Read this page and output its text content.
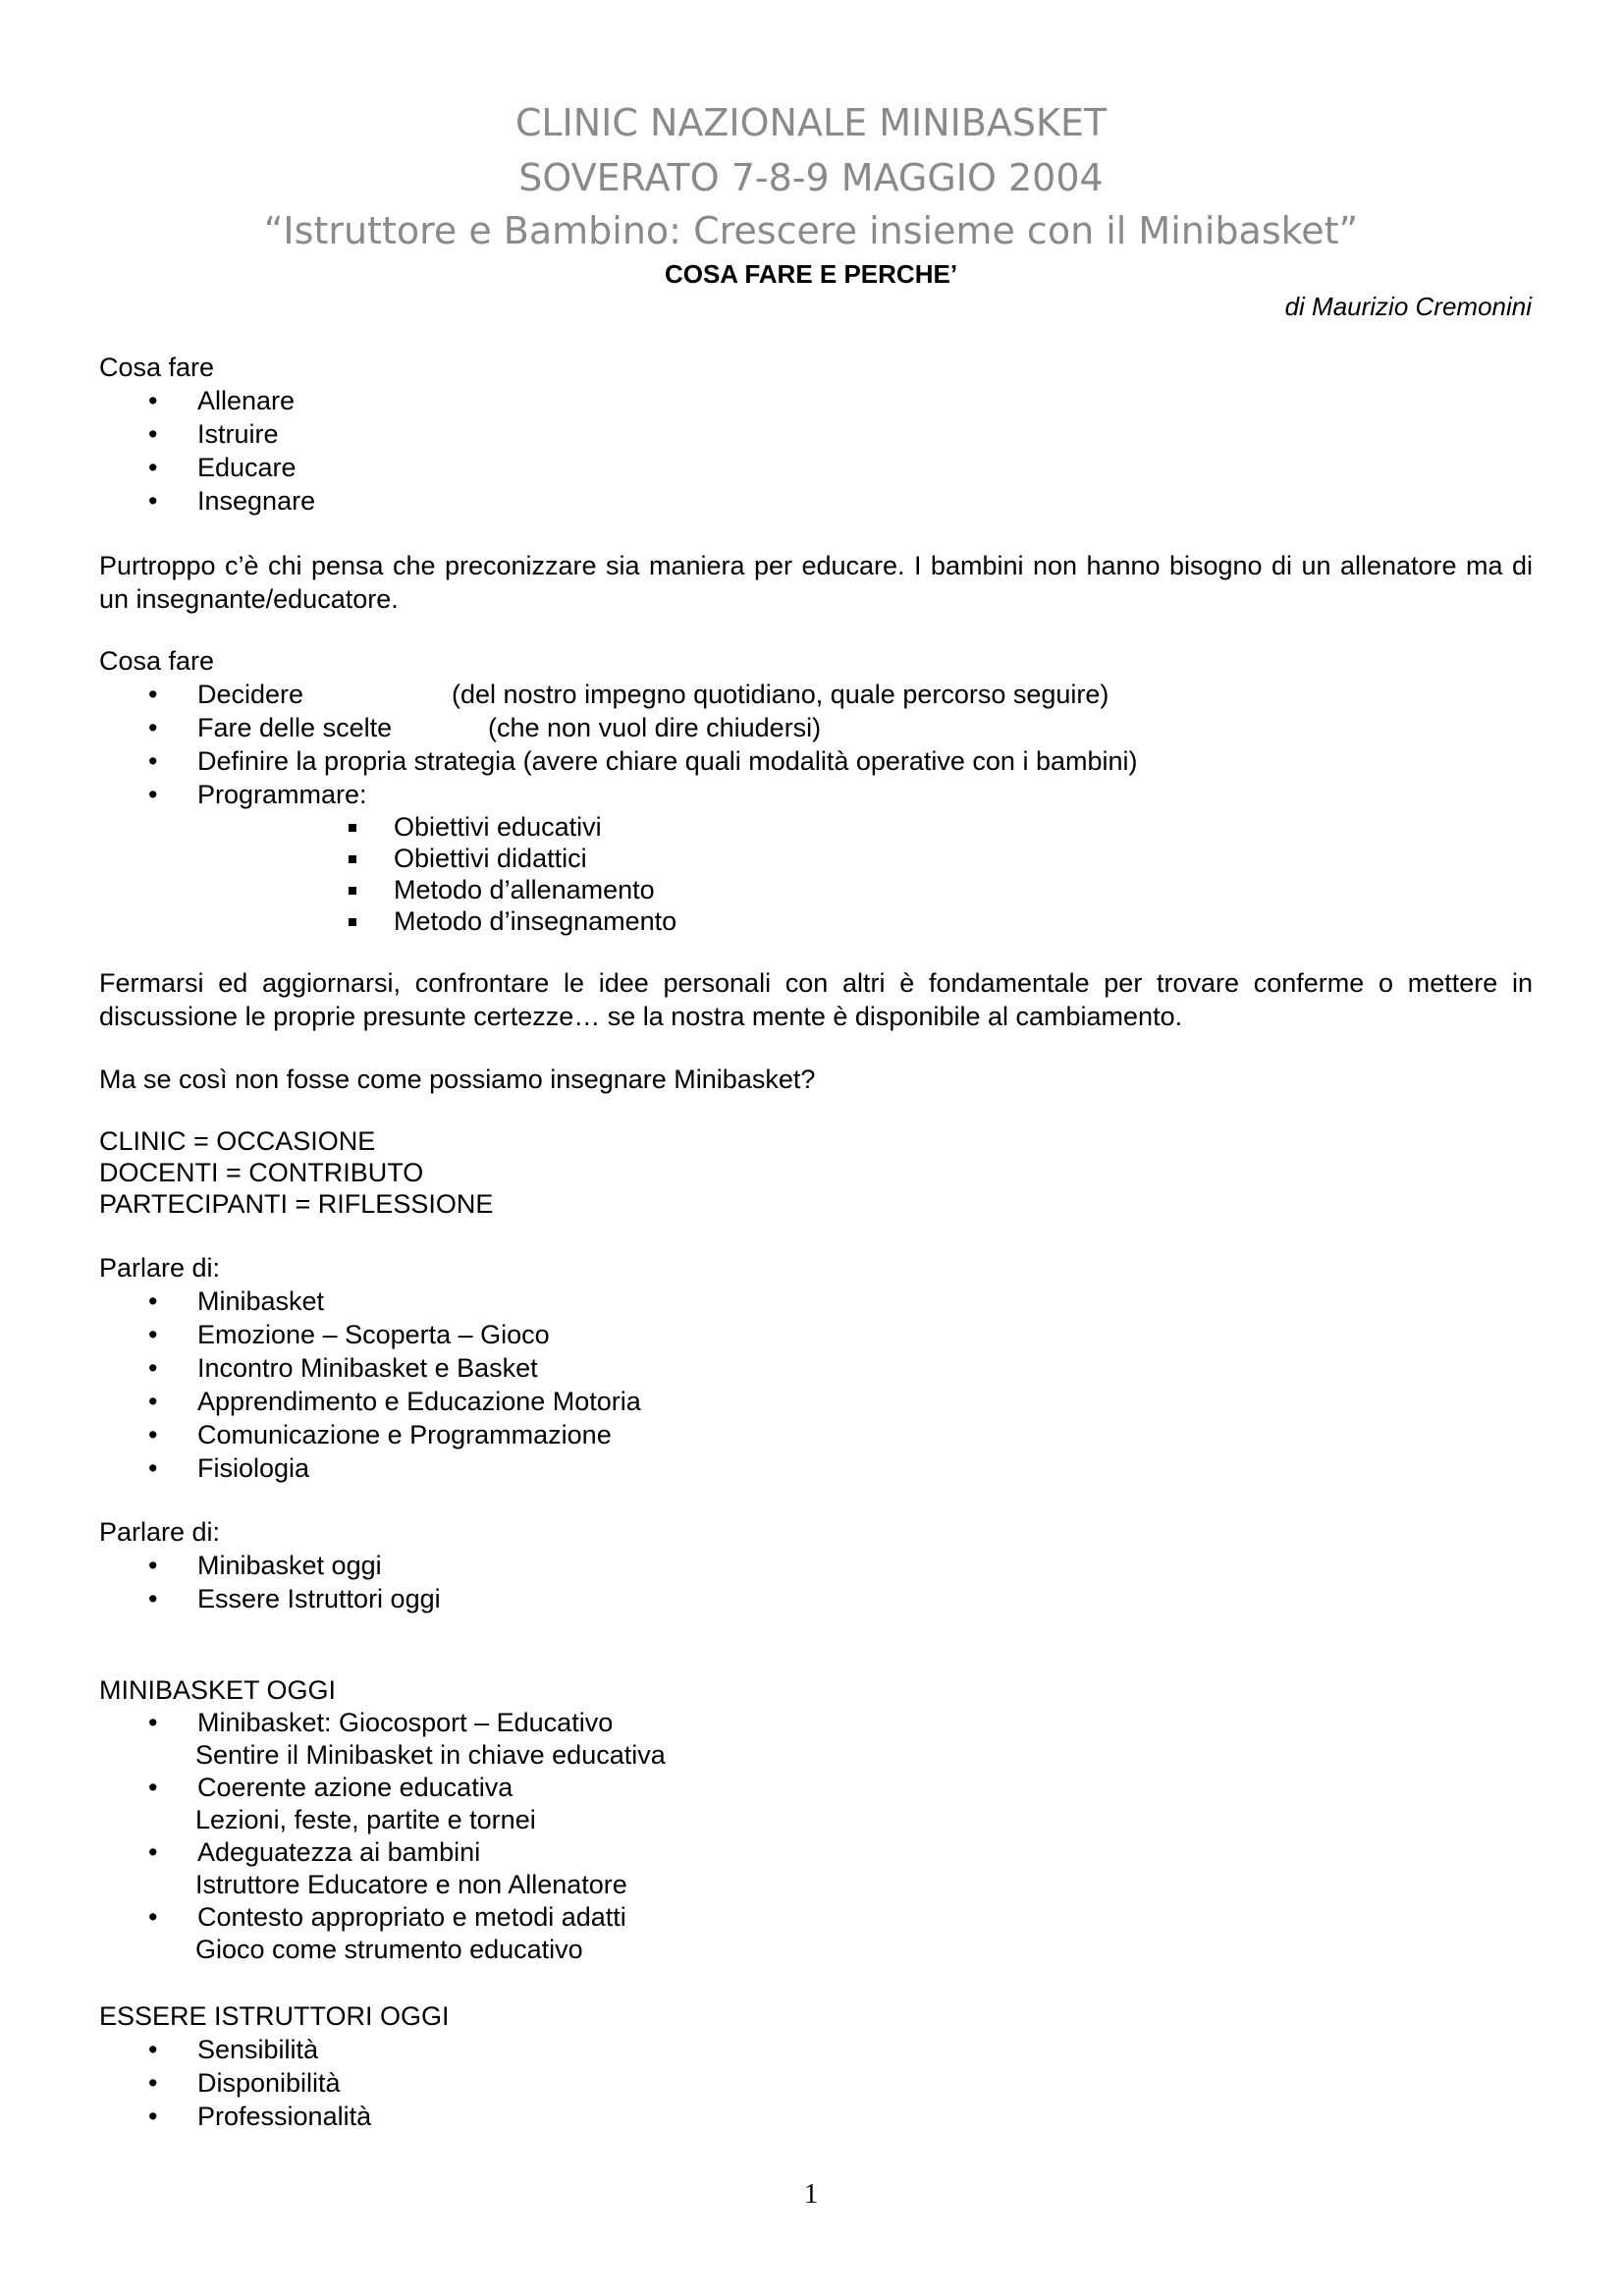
CLINIC NAZIONALE MINIBASKET
SOVERATO 7-8-9 MAGGIO 2004
“Istruttore e Bambino: Crescere insieme con il Minibasket”
COSA FARE E PERCHE’
di Maurizio Cremonini

Cosa fare

• Allenare
• Istruire
• Educare
• Insegnare

Purtroppo c’è chi pensa che preconizzare sia maniera per educare. I bambini non hanno bisogno di un allenatore ma di un insegnante/educatore.

Cosa fare

• Decidere	(del nostro impegno quotidiano, quale percorso seguire)
• Fare delle scelte	(che non vuol dire chiudersi)
• Definire la propria strategia (avere chiare quali modalità operative con i bambini)
• Programmare:
Obiettivi educativi
Obiettivi didattici
Metodo d’allenamento
Metodo d’insegnamento

Fermarsi ed aggiornarsi, confrontare le idee personali con altri è fondamentale per trovare conferme o mettere in discussione le proprie presunte certezze… se la nostra mente è disponibile al cambiamento.

Ma se così non fosse come possiamo insegnare Minibasket?

CLINIC = OCCASIONE

DOCENTI = CONTRIBUTO

PARTECIPANTI = RIFLESSIONE

Parlare di:

• Minibasket
• Emozione – Scoperta – Gioco
• Incontro Minibasket e Basket
• Apprendimento e Educazione Motoria
• Comunicazione e Programmazione
• Fisiologia

Parlare di:

• Minibasket oggi
• Essere Istruttori oggi

MINIBASKET OGGI

• Minibasket: Giocosport – Educativo
Sentire il Minibasket in chiave educativa
• Coerente azione educativa
Lezioni, feste, partite e tornei
• Adeguatezza ai bambini
Istruttore Educatore e non Allenatore
• Contesto appropriato e metodi adatti
Gioco come strumento educativo

ESSERE ISTRUTTORI OGGI

• Sensibilità
• Disponibilità
• Professionalità
1
